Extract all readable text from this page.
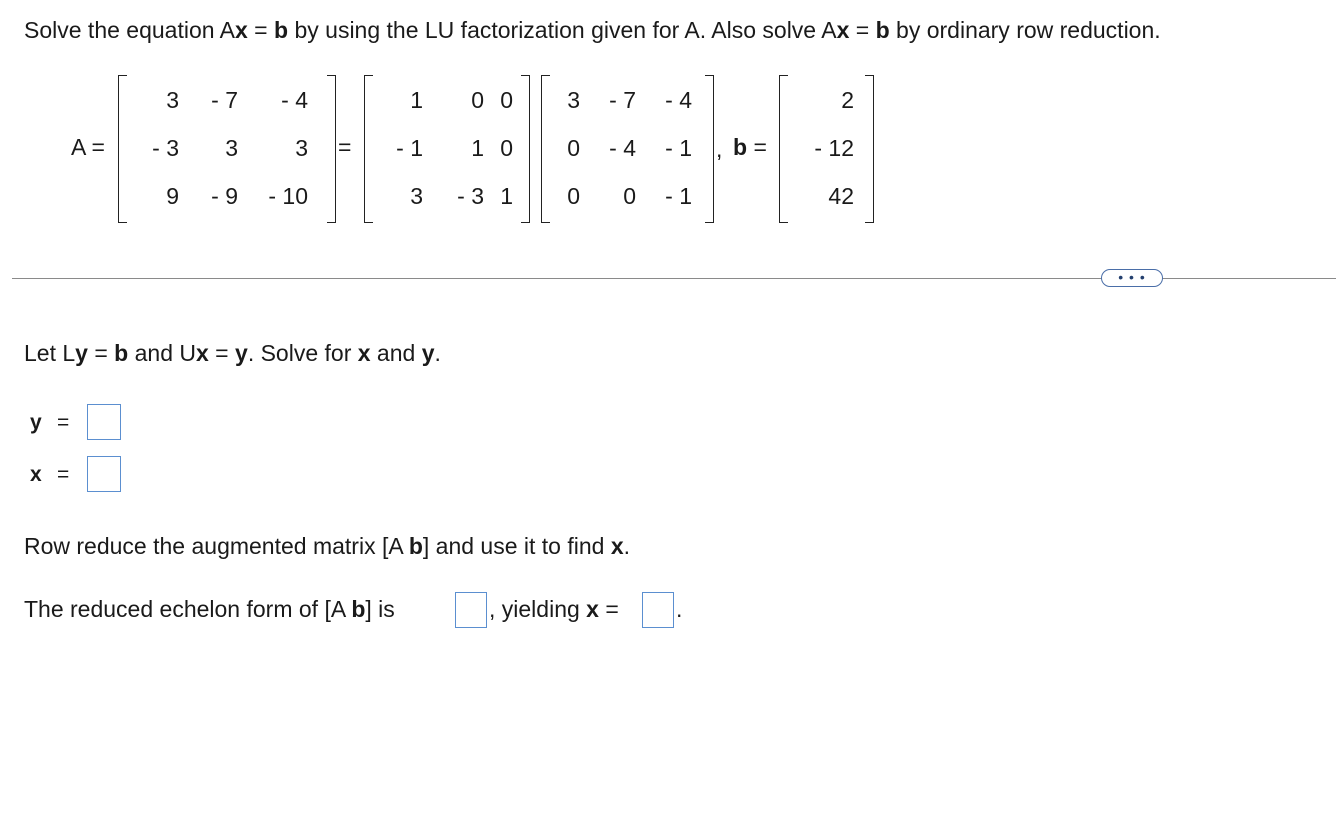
Solve the equation Ax = b by using the LU factorization given for A. Also solve Ax = b by ordinary row reduction.
A =
3 - 7 - 4
- 3 3 3
9 - 9 - 10
=
1 0 0
- 1 1 0
3 - 3 1
3 - 7 - 4
0 - 4 - 1
0 0 - 1
, b =
2
- 12
42
• • •
Let Ly = b and Ux = y. Solve for x and y.
y =
x =
Row reduce the augmented matrix [A b] and use it to find x.
The reduced echelon form of [A b] is	, yielding x = .
